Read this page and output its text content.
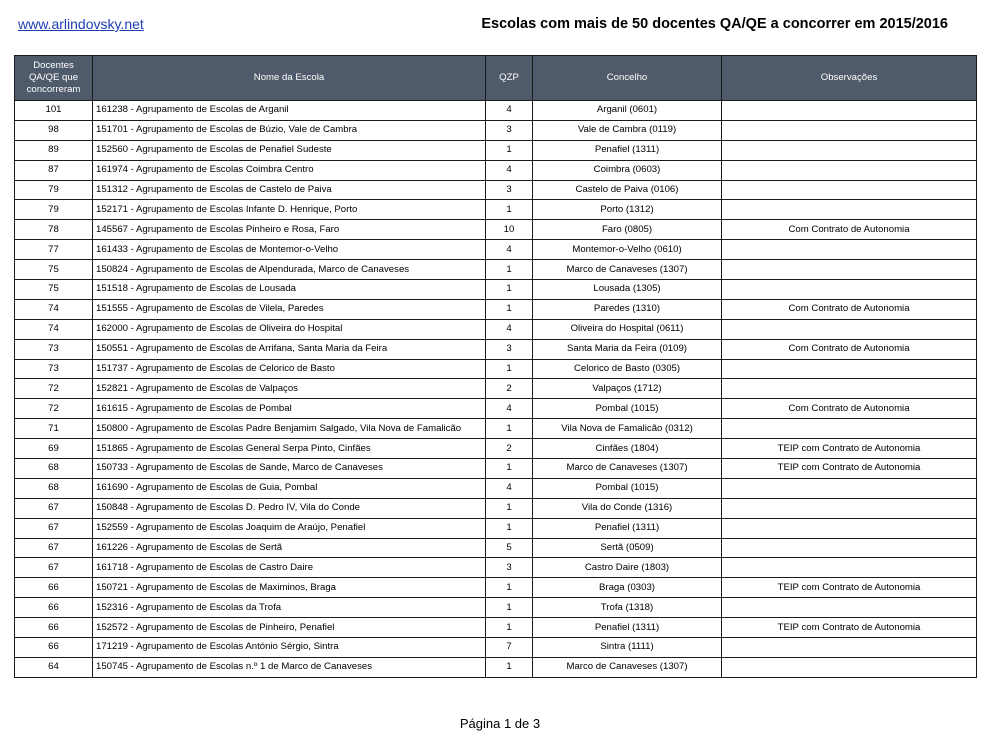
www.arlindovsky.net	Escolas com mais de 50 docentes QA/QE a concorrer em 2015/2016
Docentes QA/QE que concorreram	Nome da Escola	QZP	Concelho	Observações
101	161238 - Agrupamento de Escolas de Arganil	4	Arganil (0601)	
98	151701 - Agrupamento de Escolas de Búzio, Vale de Cambra	3	Vale de Cambra (0119)	
89	152560 - Agrupamento de Escolas de Penafiel Sudeste	1	Penafiel (1311)	
87	161974 - Agrupamento de Escolas Coimbra Centro	4	Coimbra (0603)	
79	151312 - Agrupamento de Escolas de Castelo de Paiva	3	Castelo de Paiva (0106)	
79	152171 - Agrupamento de Escolas Infante D. Henrique, Porto	1	Porto (1312)	
78	145567 - Agrupamento de Escolas Pinheiro e Rosa, Faro	10	Faro (0805)	Com Contrato de Autonomia
77	161433 - Agrupamento de Escolas de Montemor-o-Velho	4	Montemor-o-Velho (0610)	
75	150824 - Agrupamento de Escolas de Alpendurada, Marco de Canaveses	1	Marco de Canaveses (1307)	
75	151518 - Agrupamento de Escolas de Lousada	1	Lousada (1305)	
74	151555 - Agrupamento de Escolas de Vilela, Paredes	1	Paredes (1310)	Com Contrato de Autonomia
74	162000 - Agrupamento de Escolas de Oliveira do Hospital	4	Oliveira do Hospital (0611)	
73	150551 - Agrupamento de Escolas de Arrifana, Santa Maria da Feira	3	Santa Maria da Feira (0109)	Com Contrato de Autonomia
73	151737 - Agrupamento de Escolas de Celorico de Basto	1	Celorico de Basto (0305)	
72	152821 - Agrupamento de Escolas de Valpaços	2	Valpaços (1712)	
72	161615 - Agrupamento de Escolas de Pombal	4	Pombal (1015)	Com Contrato de Autonomia
71	150800 - Agrupamento de Escolas Padre Benjamim Salgado, Vila Nova de Famalicão	1	Vila Nova de Famalicão (0312)	
69	151865 - Agrupamento de Escolas General Serpa Pinto, Cinfães	2	Cinfães (1804)	TEIP com Contrato de Autonomia
68	150733 - Agrupamento de Escolas de Sande, Marco de Canaveses	1	Marco de Canaveses (1307)	TEIP com Contrato de Autonomia
68	161690 - Agrupamento de Escolas de Guia, Pombal	4	Pombal (1015)	
67	150848 - Agrupamento de Escolas D. Pedro IV, Vila do Conde	1	Vila do Conde (1316)	
67	152559 - Agrupamento de Escolas Joaquim de Araújo, Penafiel	1	Penafiel (1311)	
67	161226 - Agrupamento de Escolas de Sertã	5	Sertã (0509)	
67	161718 - Agrupamento de Escolas de Castro Daire	3	Castro Daire (1803)	
66	150721 - Agrupamento de Escolas de Maximinos, Braga	1	Braga (0303)	TEIP com Contrato de Autonomia
66	152316 - Agrupamento de Escolas da Trofa	1	Trofa (1318)	
66	152572 - Agrupamento de Escolas de Pinheiro, Penafiel	1	Penafiel (1311)	TEIP com Contrato de Autonomia
66	171219 - Agrupamento de Escolas António Sérgio, Sintra	7	Sintra (1111)	
64	150745 - Agrupamento de Escolas n.º 1 de Marco de Canaveses	1	Marco de Canaveses (1307)	
Página 1 de 3
